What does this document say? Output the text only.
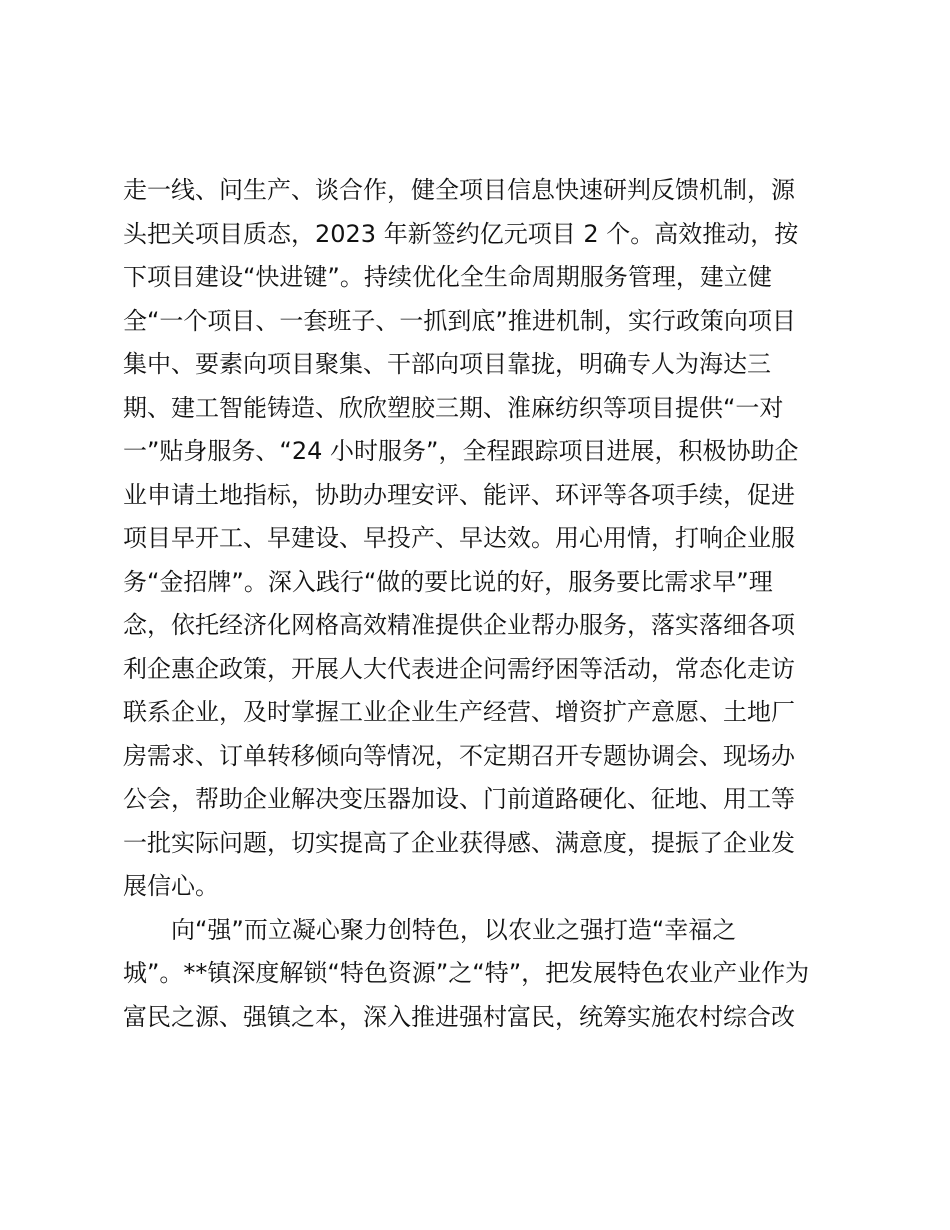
走一线、问生产、谈合作，健全项目信息快速研判反馈机制，源
头把关项目质态，2023 年新签约亿元项目 2 个。高效推动，按
下项目建设“快进键”。持续优化全生命周期服务管理，建立健
全“一个项目、一套班子、一抓到底”推进机制，实行政策向项目
集中、要素向项目聚集、干部向项目靠拢，明确专人为海达三
期、建工智能铸造、欣欣塑胶三期、淮麻纺织等项目提供“一对
一”贴身服务、“24 小时服务”，全程跟踪项目进展，积极协助企
业申请土地指标，协助办理安评、能评、环评等各项手续，促进
项目早开工、早建设、早投产、早达效。用心用情，打响企业服
务“金招牌”。深入践行“做的要比说的好，服务要比需求早”理
念，依托经济化网格高效精准提供企业帮办服务，落实落细各项
利企惠企政策，开展人大代表进企问需纾困等活动，常态化走访
联系企业，及时掌握工业企业生产经营、增资扩产意愿、土地厂
房需求、订单转移倾向等情况，不定期召开专题协调会、现场办
公会，帮助企业解决变压器加设、门前道路硬化、征地、用工等
一批实际问题，切实提高了企业获得感、满意度，提振了企业发
展信心。
向“强”而立凝心聚力创特色，以农业之强打造“幸福之
城”。**镇深度解锁“特色资源”之“特”，把发展特色农业产业作为
富民之源、强镇之本，深入推进强村富民，统筹实施农村综合改
